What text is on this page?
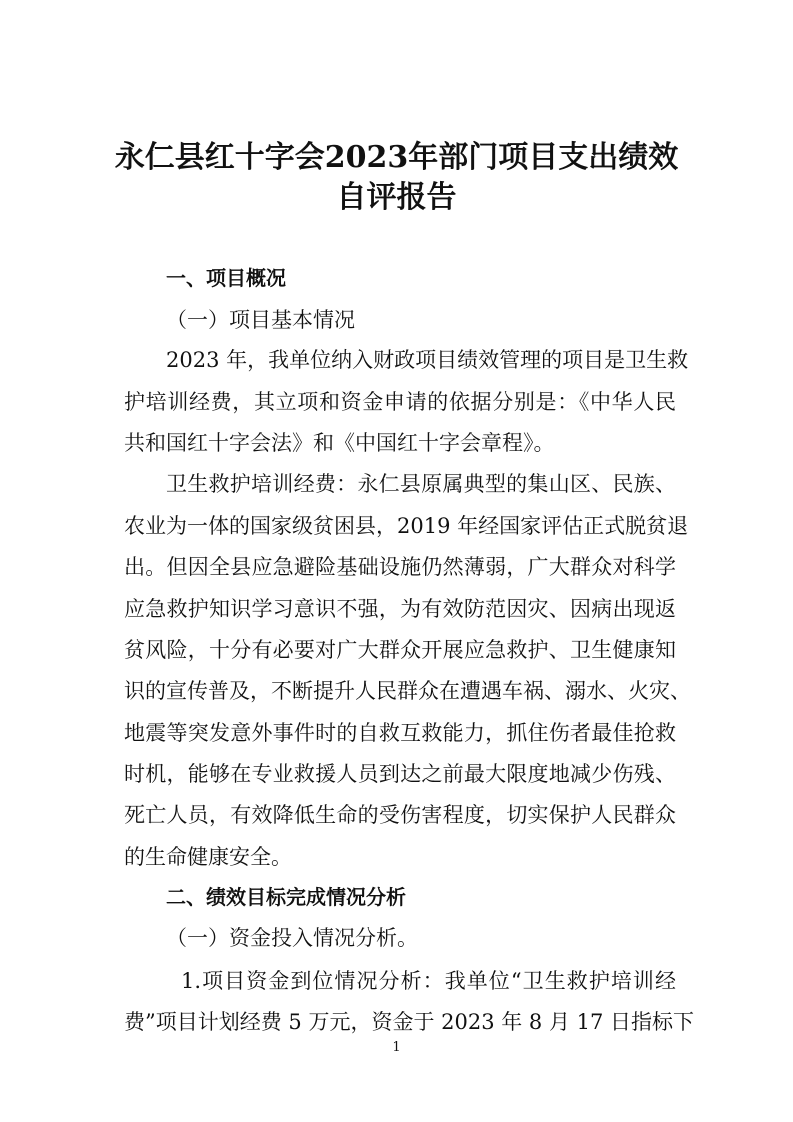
永仁县红十字会2023年部门项目支出绩效
自评报告
一、项目概况
（一）项目基本情况
2023 年，我单位纳入财政项目绩效管理的项目是卫生救
护培训经费，其立项和资金申请的依据分别是：《中华人民
共和国红十字会法》和《中国红十字会章程》。
卫生救护培训经费：永仁县原属典型的集山区、民族、
农业为一体的国家级贫困县，2019 年经国家评估正式脱贫退
出。但因全县应急避险基础设施仍然薄弱，广大群众对科学
应急救护知识学习意识不强，为有效防范因灾、因病出现返
贫风险，十分有必要对广大群众开展应急救护、卫生健康知
识的宣传普及，不断提升人民群众在遭遇车祸、溺水、火灾、
地震等突发意外事件时的自救互救能力，抓住伤者最佳抢救
时机，能够在专业救援人员到达之前最大限度地减少伤残、
死亡人员，有效降低生命的受伤害程度，切实保护人民群众
的生命健康安全。
二、绩效目标完成情况分析
（一）资金投入情况分析。
1.项目资金到位情况分析：我单位“卫生救护培训经
费”项目计划经费 5 万元，资金于 2023 年 8 月 17 日指标下
1
